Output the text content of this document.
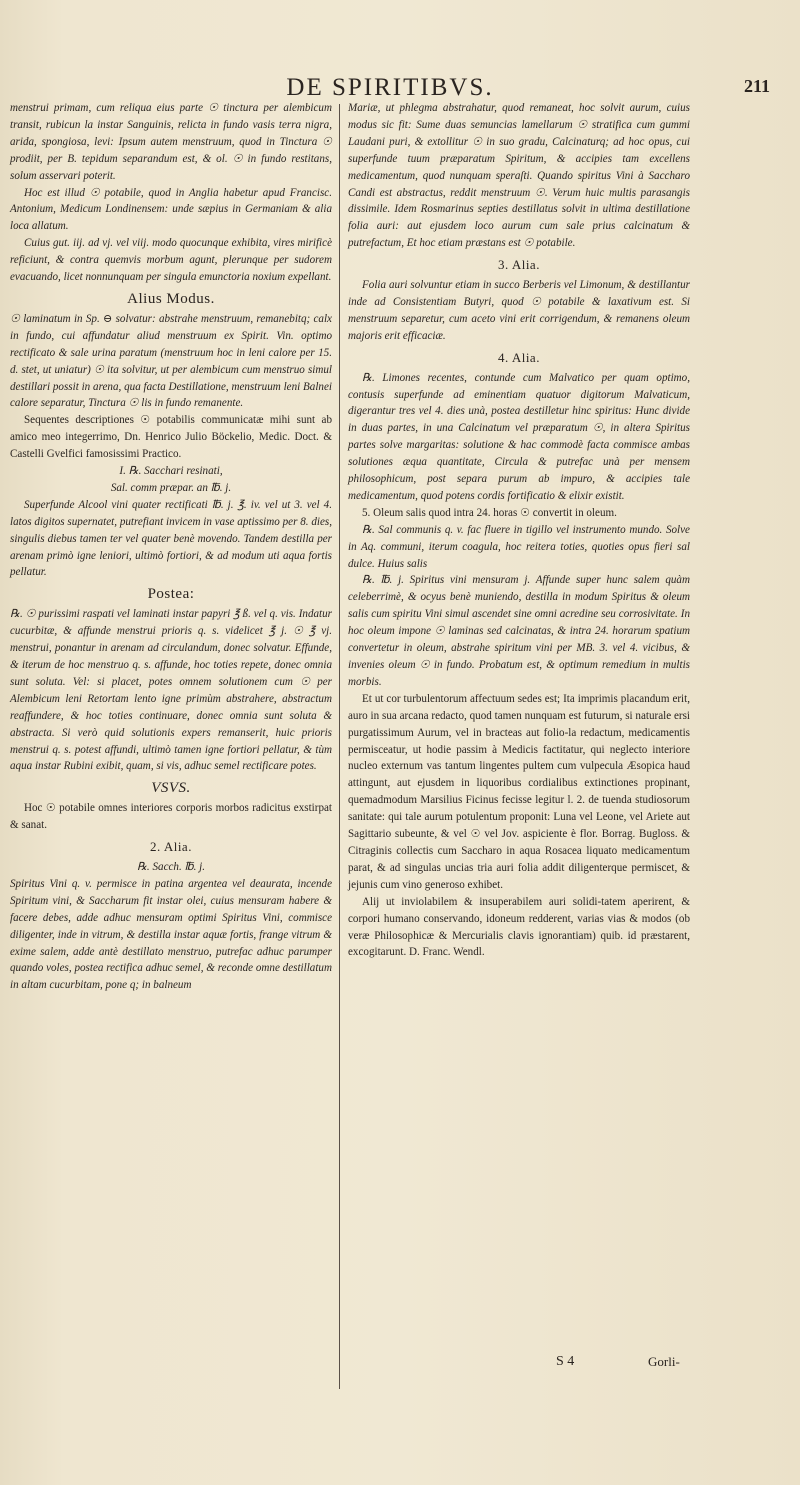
DE SPIRITIBVS.	211

menstrui primam, cum reliqua eius parte ☉ tinctura per alembicum transit, rubicun la instar Sanguinis, relicta in fundo vasis terra nigra, arida, spongiosa, levi: Ipsum autem menstruum, quod in Tinctura ☉ prodiit, per B. tepidum separandum est, & ol. ☉ in fundo restitans, solum asservari poterit.

Hoc est illud ☉ potabile, quod in Anglia habetur apud Francisc. Antonium, Medicum Londinensem: unde sæpius in Germaniam & alia loca allatum.

Cuius gut. iij. ad vj. vel viij. modo quocunque exhibita, vires mirificè reficiunt, & contra quemvis morbum agunt, plerunque per sudorem evacuando, licet nonnunquam per singula emunctoria noxium expellant.

Alius Modus.

☉ laminatum in Sp. ⊖ solvatur: abstrahe menstruum, remanebitq; calx in fundo, cui affundatur aliud menstruum ex Spirit. Vin. optimo rectificato & sale urina paratum (menstruum hoc in leni calore per 15. d. stet, ut uniatur) ☉ ita solvitur, ut per alembicum cum menstruo simul destillari possit in arena, qua facta Destillatione, menstruum leni Balnei calore separatur, Tinctura ☉ lis in fundo remanente.

Sequentes descriptiones ☉ potabilis communicatæ mihi sunt ab amico meo integerrimo, Dn. Henrico Julio Böckelio, Medic. Doct. & Castelli Gvelfici famosissimi Practico.

I. ℞. Sacchari resinati,

Sal. comm præpar. an ℔. j.

Superfunde Alcool vini quater rectificati ℔. j. ℥. iv. vel ut 3. vel 4. latos digitos supernatet, putrefiant invicem in vase aptissimo per 8. dies, singulis diebus tamen ter vel quater benè movendo. Tandem destilla per arenam primò igne leniori, ultimò fortiori, & ad modum uti aqua fortis pellatur.

Postea:

℞. ☉ purissimi raspati vel laminati instar papyri ℥ ß. vel q. vis. Indatur cucurbitæ, & affunde menstrui prioris q. s. videlicet ℥ j. ☉ ℥ vj. menstrui, ponantur in arenam ad circulandum, donec solvatur. Effunde, & iterum de hoc menstruo q. s. affunde, hoc toties repete, donec omnia sunt soluta. Vel: si placet, potes omnem solutionem cum ☉ per Alembicum leni Retortam lento igne primùm abstrahere, abstractum reaffundere, & hoc toties continuare, donec omnia sunt soluta & abstracta. Si verò quid solutionis expers remanserit, huic prioris menstrui q. s. potest affundi, ultimò tamen igne fortiori pellatur, & tùm aqua instar Rubini exibit, quam, si vis, adhuc semel rectificare potes.

VSVS.

Hoc ☉ potabile omnes interiores corporis morbos radicitus exstirpat & sanat.

2. Alia.

℞. Sacch. ℔. j.

Spiritus Vini q. v. permisce in patina argentea vel deaurata, incende Spiritum vini, & Saccharum fit instar olei, cuius mensuram habere & facere debes, adde adhuc mensuram optimi Spiritus Vini, commisce diligenter, inde in vitrum, & destilla instar aquæ fortis, frange vitrum & exime salem, adde antè destillato menstruo, putrefac adhuc parumper quando voles, postea rectifica adhuc semel, & reconde omne destillatum in altam cucurbitam, pone q; in balneum

Mariæ, ut phlegma abstrahatur, quod remaneat, hoc solvit aurum, cuius modus sic fit: Sume duas semuncias lamellarum ☉ stratifica cum gummi Laudani puri, & extollitur ☉ in suo gradu, Calcinaturq; ad hoc opus, cui superfunde tuum præparatum Spiritum, & accipies tam excellens medicamentum, quod nunquam speraſti. Quando spiritus Vini à Saccharo Candi est abstractus, reddit menstruum ☉. Verum huic multis parasangis dissimile. Idem Rosmarinus septies destillatus solvit in ultima destillatione folia auri: aut ejusdem loco aurum cum sale prius calcinatum & putrefactum, Et hoc etiam præstans est ☉ potabile.

3. Alia.

Folia auri solvuntur etiam in succo Berberis vel Limonum, & destillantur inde ad Consistentiam Butyri, quod ☉ potabile & laxativum est. Si menstruum separetur, cum aceto vini erit corrigendum, & remanens oleum majoris erit efficaciæ.

4. Alia.

℞. Limones recentes, contunde cum Malvatico per quam optimo, contusis superfunde ad eminentiam quatuor digitorum Malvaticum, digerantur tres vel 4. dies unà, postea destilletur hinc spiritus: Hunc divide in duas partes, in una Calcinatum vel præparatum ☉, in altera Spiritus partes solve margaritas: solutione & hac commodè facta commisce ambas solutiones æqua quantitate, Circula & putrefac unà per mensem philosophicum, post separa purum ab impuro, & accipies tale medicamentum, quod potens cordis fortificatio & elixir existit.

5. Oleum salis quod intra 24. horas ☉ convertit in oleum.

℞. Sal communis q. v. fac fluere in tigillo vel instrumento mundo. Solve in Aq. communi, iterum coagula, hoc reitera toties, quoties opus fieri sal dulce. Huius salis

℞. ℔. j. Spiritus vini mensuram j. Affunde super hunc salem quàm celeberrimè, & ocyus benè muniendo, destilla in modum Spiritus & oleum salis cum spiritu Vini simul ascendet sine omni acredine seu corrosivitate. In hoc oleum impone ☉ laminas sed calcinatas, & intra 24. horarum spatium convertetur in oleum, abstrahe spiritum vini per MB. 3. vel 4. vicibus, & invenies oleum ☉ in fundo. Probatum est, & optimum remedium in multis morbis.

Et ut cor turbulentorum affectuum sedes est; Ita imprimis placandum erit, auro in sua arcana redacto, quod tamen nunquam est futurum, si naturale ersi purgatissimum Aurum, vel in bracteas aut folio-la redactum, medicamentis permisceatur, ut hodie passim à Medicis factitatur, qui neglecto interiore nucleo externum vas tantum lingentes pultem cum vulpecula Æsopica haud attingunt, aut ejusdem in liquoribus cordialibus extinctiones propinant, quemadmodum Marsilius Ficinus fecisse legitur l. 2. de tuenda studiosorum sanitate: qui tale aurum potulentum proponit: Luna vel Leone, vel Ariete aut Sagittario subeunte, & vel ☉ vel Jov. aspiciente è flor. Borrag. Bugloss. & Citraginis collectis cum Saccharo in aqua Rosacea liquato medicamentum parat, & ad singulas uncias tria auri folia addit diligenterque permiscet, & jejunis cum vino generoso exhibet.

Alij ut inviolabilem & insuperabilem auri solidi-tatem aperirent, & corpori humano conservando, idoneum redderent, varias vias & modos (ob veræ Philosophicæ & Mercurialis clavis ignorantiam) quib. id præstarent, excogitarunt. D. Franc. Wendl.

S 4	Gorli-
